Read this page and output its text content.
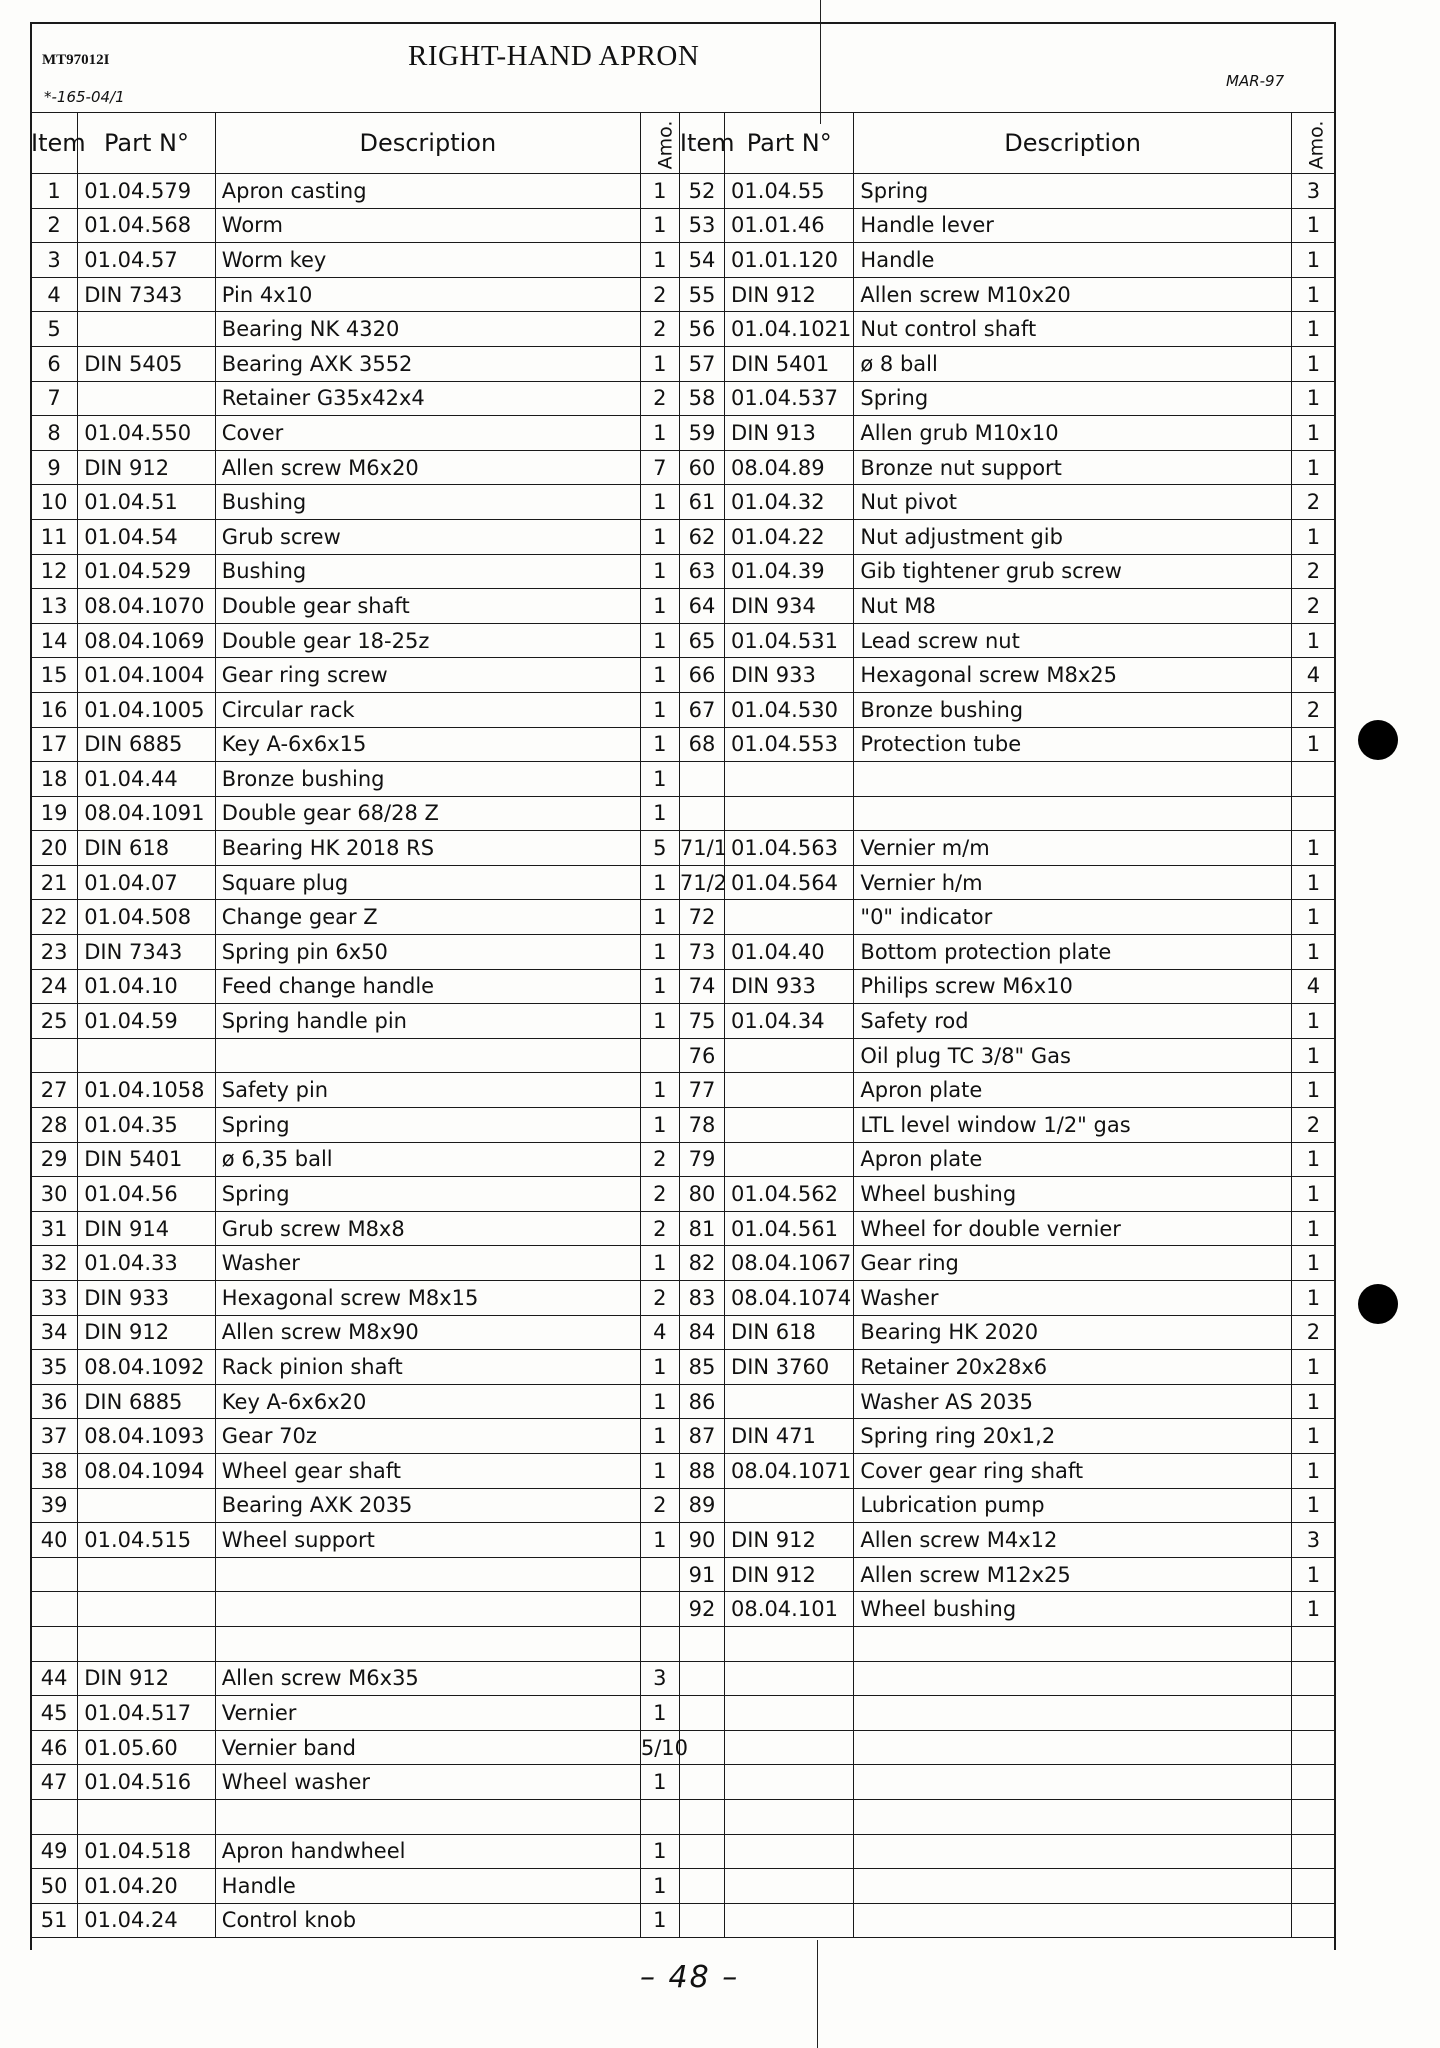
MT97012I
*-165-04/1
RIGHT-HAND APRON
MAR-97
Item	Part N°	Description	Amo.	Item	Part N°	Description	Amo.
1	01.04.579	Apron casting	1	52	01.04.55	Spring	3
2	01.04.568	Worm	1	53	01.01.46	Handle lever	1
3	01.04.57	Worm key	1	54	01.01.120	Handle	1
4	DIN 7343	Pin 4x10	2	55	DIN 912	Allen screw M10x20	1
5		Bearing NK 4320	2	56	01.04.1021	Nut control shaft	1
6	DIN 5405	Bearing AXK 3552	1	57	DIN 5401	ø 8 ball	1
7		Retainer G35x42x4	2	58	01.04.537	Spring	1
8	01.04.550	Cover	1	59	DIN 913	Allen grub M10x10	1
9	DIN 912	Allen screw M6x20	7	60	08.04.89	Bronze nut support	1
10	01.04.51	Bushing	1	61	01.04.32	Nut pivot	2
11	01.04.54	Grub screw	1	62	01.04.22	Nut adjustment gib	1
12	01.04.529	Bushing	1	63	01.04.39	Gib tightener grub screw	2
13	08.04.1070	Double gear shaft	1	64	DIN 934	Nut M8	2
14	08.04.1069	Double gear 18-25z	1	65	01.04.531	Lead screw nut	1
15	01.04.1004	Gear ring screw	1	66	DIN 933	Hexagonal screw M8x25	4
16	01.04.1005	Circular rack	1	67	01.04.530	Bronze bushing	2
17	DIN 6885	Key A-6x6x15	1	68	01.04.553	Protection tube	1
18	01.04.44	Bronze bushing	1				
19	08.04.1091	Double gear 68/28 Z	1				
20	DIN 618	Bearing HK 2018 RS	5	71/1	01.04.563	Vernier m/m	1
21	01.04.07	Square plug	1	71/2	01.04.564	Vernier h/m	1
22	01.04.508	Change gear Z	1	72		"0" indicator	1
23	DIN 7343	Spring pin 6x50	1	73	01.04.40	Bottom protection plate	1
24	01.04.10	Feed change handle	1	74	DIN 933	Philips screw M6x10	4
25	01.04.59	Spring handle pin	1	75	01.04.34	Safety rod	1
				76		Oil plug TC 3/8" Gas	1
27	01.04.1058	Safety pin	1	77		Apron plate	1
28	01.04.35	Spring	1	78		LTL level window 1/2" gas	2
29	DIN 5401	ø 6,35 ball	2	79		Apron plate	1
30	01.04.56	Spring	2	80	01.04.562	Wheel bushing	1
31	DIN 914	Grub screw M8x8	2	81	01.04.561	Wheel for double vernier	1
32	01.04.33	Washer	1	82	08.04.1067	Gear ring	1
33	DIN 933	Hexagonal screw M8x15	2	83	08.04.1074	Washer	1
34	DIN 912	Allen screw M8x90	4	84	DIN 618	Bearing HK 2020	2
35	08.04.1092	Rack pinion shaft	1	85	DIN 3760	Retainer 20x28x6	1
36	DIN 6885	Key A-6x6x20	1	86		Washer AS 2035	1
37	08.04.1093	Gear 70z	1	87	DIN 471	Spring ring 20x1,2	1
38	08.04.1094	Wheel gear shaft	1	88	08.04.1071	Cover gear ring shaft	1
39		Bearing AXK 2035	2	89		Lubrication pump	1
40	01.04.515	Wheel support	1	90	DIN 912	Allen screw M4x12	3
				91	DIN 912	Allen screw M12x25	1
				92	08.04.101	Wheel bushing	1

44	DIN 912	Allen screw M6x35	3				
45	01.04.517	Vernier	1				
46	01.05.60	Vernier band	5/10				
47	01.04.516	Wheel washer	1				

49	01.04.518	Apron handwheel	1				
50	01.04.20	Handle	1				
51	01.04.24	Control knob	1				
– 48 –
